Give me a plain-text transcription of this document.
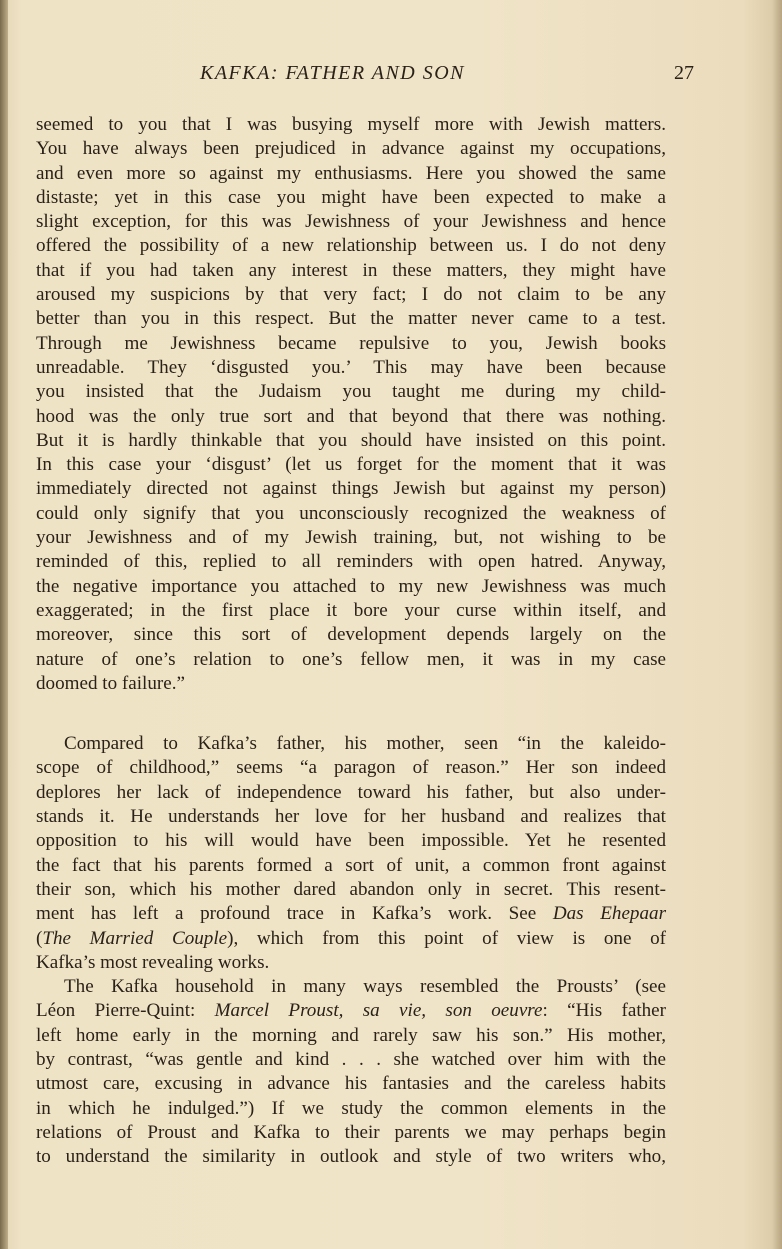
KAFKA: FATHER AND SON	27
seemed to you that I was busying myself more with Jewish matters.
You have always been prejudiced in advance against my occupations,
and even more so against my enthusiasms. Here you showed the same
distaste; yet in this case you might have been expected to make a
slight exception, for this was Jewishness of your Jewishness and hence
offered the possibility of a new relationship between us. I do not deny
that if you had taken any interest in these matters, they might have
aroused my suspicions by that very fact; I do not claim to be any
better than you in this respect. But the matter never came to a test.
Through me Jewishness became repulsive to you, Jewish books
unreadable. They ‘disgusted you.’ This may have been because
you insisted that the Judaism you taught me during my child-
hood was the only true sort and that beyond that there was nothing.
But it is hardly thinkable that you should have insisted on this point.
In this case your ‘disgust’ (let us forget for the moment that it was
immediately directed not against things Jewish but against my person)
could only signify that you unconsciously recognized the weakness of
your Jewishness and of my Jewish training, but, not wishing to be
reminded of this, replied to all reminders with open hatred. Anyway,
the negative importance you attached to my new Jewishness was much
exaggerated; in the first place it bore your curse within itself, and
moreover, since this sort of development depends largely on the
nature of one’s relation to one’s fellow men, it was in my case
doomed to failure.”
Compared to Kafka’s father, his mother, seen “in the kaleido-
scope of childhood,” seems “a paragon of reason.” Her son indeed
deplores her lack of independence toward his father, but also under-
stands it. He understands her love for her husband and realizes that
opposition to his will would have been impossible. Yet he resented
the fact that his parents formed a sort of unit, a common front against
their son, which his mother dared abandon only in secret. This resent-
ment has left a profound trace in Kafka’s work. See Das Ehepaar
(The Married Couple), which from this point of view is one of
Kafka’s most revealing works.
The Kafka household in many ways resembled the Prousts’ (see
Léon Pierre-Quint: Marcel Proust, sa vie, son oeuvre: “His father
left home early in the morning and rarely saw his son.” His mother,
by contrast, “was gentle and kind . . . she watched over him with the
utmost care, excusing in advance his fantasies and the careless habits
in which he indulged.”) If we study the common elements in the
relations of Proust and Kafka to their parents we may perhaps begin
to understand the similarity in outlook and style of two writers who,
